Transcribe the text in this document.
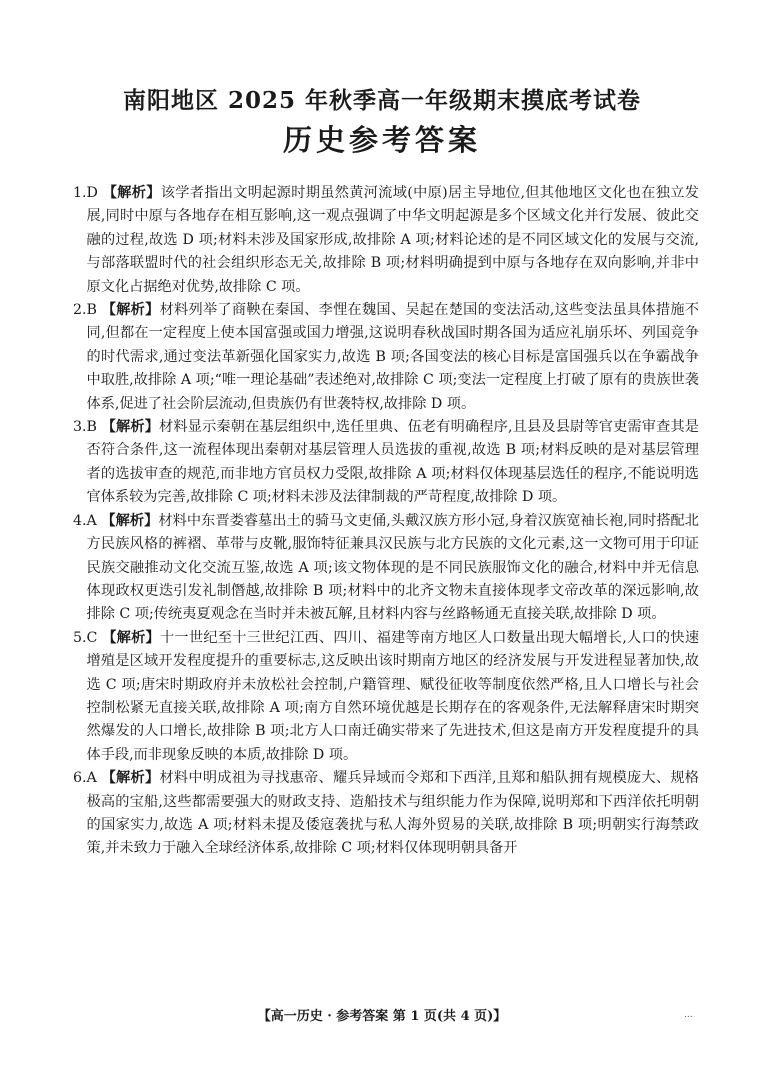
南阳地区 2025 年秋季高一年级期末摸底考试卷
历史参考答案
1. D 【解析】该学者指出文明起源时期虽然黄河流域(中原)居主导地位,但其他地区文化也在独立发展,同时中原与各地存在相互影响,这一观点强调了中华文明起源是多个区域文化并行发展、彼此交融的过程,故选 D 项;材料未涉及国家形成,故排除 A 项;材料论述的是不同区域文化的发展与交流,与部落联盟时代的社会组织形态无关,故排除 B 项;材料明确提到中原与各地存在双向影响,并非中原文化占据绝对优势,故排除 C 项。
2. B 【解析】材料列举了商鞅在秦国、李悝在魏国、吴起在楚国的变法活动,这些变法虽具体措施不同,但都在一定程度上使本国富强或国力增强,这说明春秋战国时期各国为适应礼崩乐坏、列国竞争的时代需求,通过变法革新强化国家实力,故选 B 项;各国变法的核心目标是富国强兵以在争霸战争中取胜,故排除 A 项;“唯一理论基础”表述绝对,故排除 C 项;变法一定程度上打破了原有的贵族世袭体系,促进了社会阶层流动,但贵族仍有世袭特权,故排除 D 项。
3. B 【解析】材料显示秦朝在基层组织中,选任里典、伍老有明确程序,且县及县尉等官吏需审查其是否符合条件,这一流程体现出秦朝对基层管理人员选拔的重视,故选 B 项;材料反映的是对基层管理者的选拔审查的规范,而非地方官员权力受限,故排除 A 项;材料仅体现基层选任的程序,不能说明选官体系较为完善,故排除 C 项;材料未涉及法律制裁的严苛程度,故排除 D 项。
4. A 【解析】材料中东晋娄睿墓出土的骑马文吏俑,头戴汉族方形小冠,身着汉族宽袖长袍,同时搭配北方民族风格的裤褶、革带与皮靴,服饰特征兼具汉民族与北方民族的文化元素,这一文物可用于印证民族交融推动文化交流互鉴,故选 A 项;该文物体现的是不同民族服饰文化的融合,材料中并无信息体现政权更迭引发礼制僭越,故排除 B 项;材料中的北齐文物未直接体现孝文帝改革的深远影响,故排除 C 项;传统夷夏观念在当时并未被瓦解,且材料内容与丝路畅通无直接关联,故排除 D 项。
5. C 【解析】十一世纪至十三世纪江西、四川、福建等南方地区人口数量出现大幅增长,人口的快速增殖是区域开发程度提升的重要标志,这反映出该时期南方地区的经济发展与开发进程显著加快,故选 C 项;唐宋时期政府并未放松社会控制,户籍管理、赋役征收等制度依然严格,且人口增长与社会控制松紧无直接关联,故排除 A 项;南方自然环境优越是长期存在的客观条件,无法解释唐宋时期突然爆发的人口增长,故排除 B 项;北方人口南迁确实带来了先进技术,但这是南方开发程度提升的具体手段,而非现象反映的本质,故排除 D 项。
6. A 【解析】材料中明成祖为寻找惠帝、耀兵异域而令郑和下西洋,且郑和船队拥有规模庞大、规格极高的宝船,这些都需要强大的财政支持、造船技术与组织能力作为保障,说明郑和下西洋依托明朝的国家实力,故选 A 项;材料未提及倭寇袭扰与私人海外贸易的关联,故排除 B 项;明朝实行海禁政策,并未致力于融入全球经济体系,故排除 C 项;材料仅体现明朝具备开
【高一历史 · 参考答案 第 1 页(共 4 页)】	...
